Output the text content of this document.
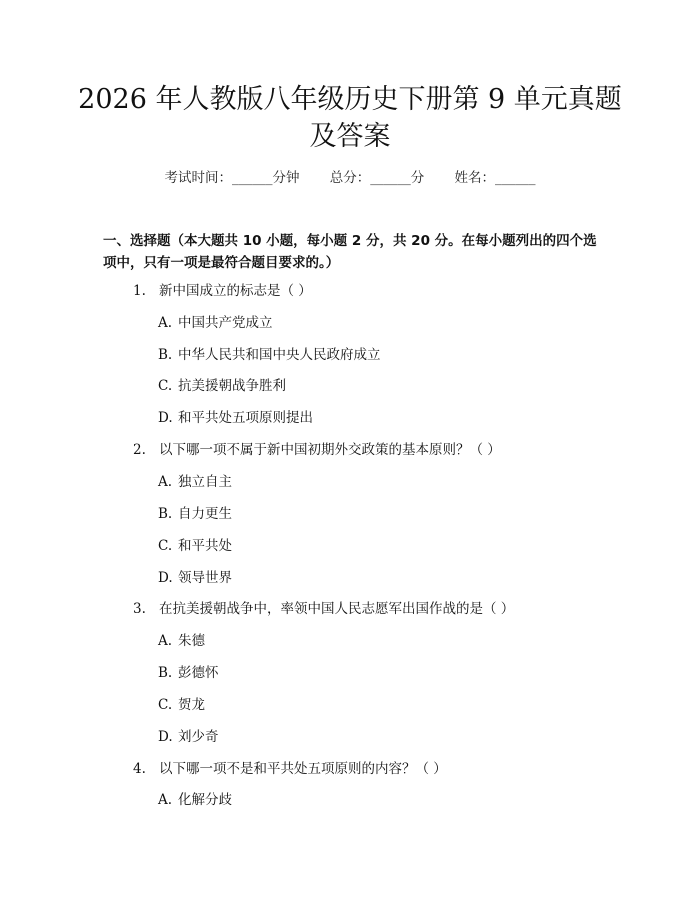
2026 年人教版八年级历史下册第 9 单元真题
及答案
考试时间：______分钟 总分：______分 姓名：______
一、选择题（本大题共 10 小题，每小题 2 分，共 20 分。在每小题列出的四个选
项中，只有一项是最符合题目要求的。）
1. 新中国成立的标志是（ ）
A. 中国共产党成立
B. 中华人民共和国中央人民政府成立
C. 抗美援朝战争胜利
D. 和平共处五项原则提出
2. 以下哪一项不属于新中国初期外交政策的基本原则？（ ）
A. 独立自主
B. 自力更生
C. 和平共处
D. 领导世界
3. 在抗美援朝战争中，率领中国人民志愿军出国作战的是（ ）
A. 朱德
B. 彭德怀
C. 贺龙
D. 刘少奇
4. 以下哪一项不是和平共处五项原则的内容？（ ）
A. 化解分歧
